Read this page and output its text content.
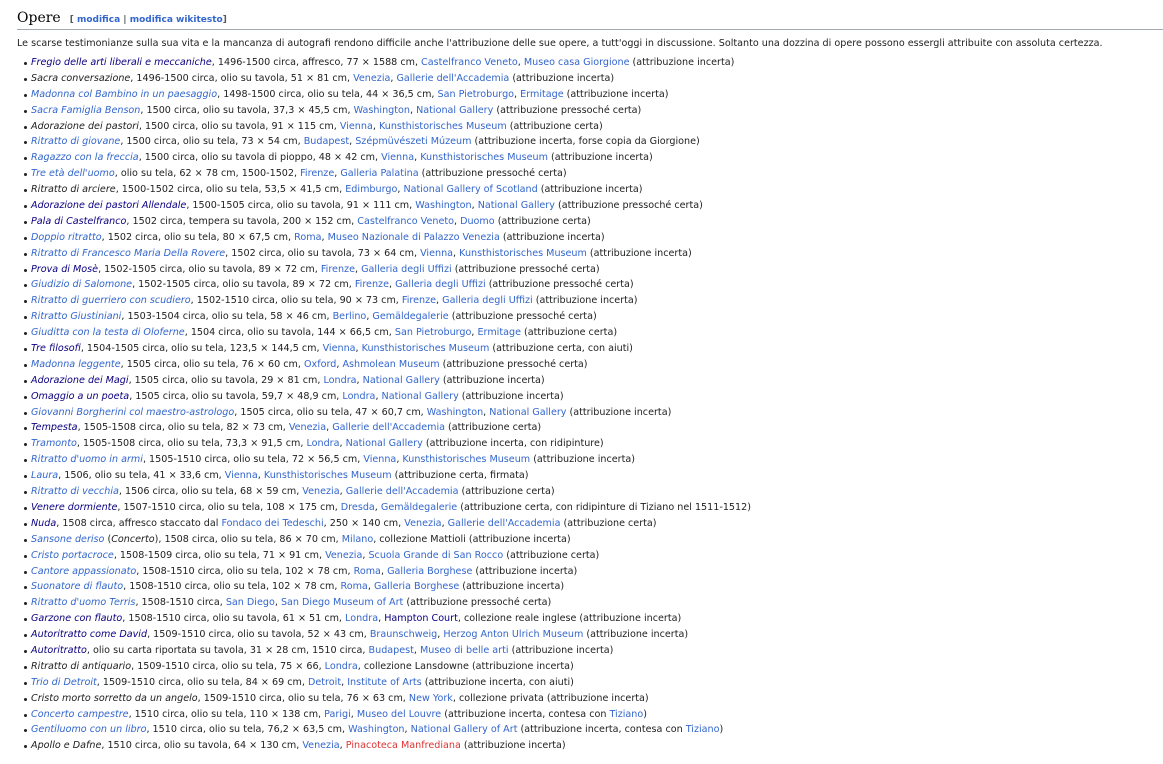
Opere [ modifica | modifica wikitesto]

Le scarse testimonianze sulla sua vita e la mancanza di autografi rendono difficile anche l'attribuzione delle sue opere, a tutt'oggi in discussione. Soltanto una dozzina di opere possono essergli attribuite con assoluta certezza.

Fregio delle arti liberali e meccaniche, 1496-1500 circa, affresco, 77 × 1588 cm, Castelfranco Veneto, Museo casa Giorgione (attribuzione incerta)
Sacra conversazione, 1496-1500 circa, olio su tavola, 51 × 81 cm, Venezia, Gallerie dell'Accademia (attribuzione incerta)
Madonna col Bambino in un paesaggio, 1498-1500 circa, olio su tela, 44 × 36,5 cm, San Pietroburgo, Ermitage (attribuzione incerta)
Sacra Famiglia Benson, 1500 circa, olio su tavola, 37,3 × 45,5 cm, Washington, National Gallery (attribuzione pressoché certa)
Adorazione dei pastori, 1500 circa, olio su tavola, 91 × 115 cm, Vienna, Kunsthistorisches Museum (attribuzione certa)
Ritratto di giovane, 1500 circa, olio su tela, 73 × 54 cm, Budapest, Szépmüvészeti Múzeum (attribuzione incerta, forse copia da Giorgione)
Ragazzo con la freccia, 1500 circa, olio su tavola di pioppo, 48 × 42 cm, Vienna, Kunsthistorisches Museum (attribuzione incerta)
Tre età dell'uomo, olio su tela, 62 × 78 cm, 1500-1502, Firenze, Galleria Palatina (attribuzione pressoché certa)
Ritratto di arciere, 1500-1502 circa, olio su tela, 53,5 × 41,5 cm, Edimburgo, National Gallery of Scotland (attribuzione incerta)
Adorazione dei pastori Allendale, 1500-1505 circa, olio su tavola, 91 × 111 cm, Washington, National Gallery (attribuzione pressoché certa)
Pala di Castelfranco, 1502 circa, tempera su tavola, 200 × 152 cm, Castelfranco Veneto, Duomo (attribuzione certa)
Doppio ritratto, 1502 circa, olio su tela, 80 × 67,5 cm, Roma, Museo Nazionale di Palazzo Venezia (attribuzione incerta)
Ritratto di Francesco Maria Della Rovere, 1502 circa, olio su tavola, 73 × 64 cm, Vienna, Kunsthistorisches Museum (attribuzione incerta)
Prova di Mosè, 1502-1505 circa, olio su tavola, 89 × 72 cm, Firenze, Galleria degli Uffizi (attribuzione pressoché certa)
Giudizio di Salomone, 1502-1505 circa, olio su tavola, 89 × 72 cm, Firenze, Galleria degli Uffizi (attribuzione pressoché certa)
Ritratto di guerriero con scudiero, 1502-1510 circa, olio su tela, 90 × 73 cm, Firenze, Galleria degli Uffizi (attribuzione incerta)
Ritratto Giustiniani, 1503-1504 circa, olio su tela, 58 × 46 cm, Berlino, Gemäldegalerie (attribuzione pressoché certa)
Giuditta con la testa di Oloferne, 1504 circa, olio su tavola, 144 × 66,5 cm, San Pietroburgo, Ermitage (attribuzione certa)
Tre filosofi, 1504-1505 circa, olio su tela, 123,5 × 144,5 cm, Vienna, Kunsthistorisches Museum (attribuzione certa, con aiuti)
Madonna leggente, 1505 circa, olio su tela, 76 × 60 cm, Oxford, Ashmolean Museum (attribuzione pressoché certa)
Adorazione dei Magi, 1505 circa, olio su tavola, 29 × 81 cm, Londra, National Gallery (attribuzione incerta)
Omaggio a un poeta, 1505 circa, olio su tavola, 59,7 × 48,9 cm, Londra, National Gallery (attribuzione incerta)
Giovanni Borgherini col maestro-astrologo, 1505 circa, olio su tela, 47 × 60,7 cm, Washington, National Gallery (attribuzione incerta)
Tempesta, 1505-1508 circa, olio su tela, 82 × 73 cm, Venezia, Gallerie dell'Accademia (attribuzione certa)
Tramonto, 1505-1508 circa, olio su tela, 73,3 × 91,5 cm, Londra, National Gallery (attribuzione incerta, con ridipinture)
Ritratto d'uomo in armi, 1505-1510 circa, olio su tela, 72 × 56,5 cm, Vienna, Kunsthistorisches Museum (attribuzione incerta)
Laura, 1506, olio su tela, 41 × 33,6 cm, Vienna, Kunsthistorisches Museum (attribuzione certa, firmata)
Ritratto di vecchia, 1506 circa, olio su tela, 68 × 59 cm, Venezia, Gallerie dell'Accademia (attribuzione certa)
Venere dormiente, 1507-1510 circa, olio su tela, 108 × 175 cm, Dresda, Gemäldegalerie (attribuzione certa, con ridipinture di Tiziano nel 1511-1512)
Nuda, 1508 circa, affresco staccato dal Fondaco dei Tedeschi, 250 × 140 cm, Venezia, Gallerie dell'Accademia (attribuzione certa)
Sansone deriso (Concerto), 1508 circa, olio su tela, 86 × 70 cm, Milano, collezione Mattioli (attribuzione incerta)
Cristo portacroce, 1508-1509 circa, olio su tela, 71 × 91 cm, Venezia, Scuola Grande di San Rocco (attribuzione certa)
Cantore appassionato, 1508-1510 circa, olio su tela, 102 × 78 cm, Roma, Galleria Borghese (attribuzione incerta)
Suonatore di flauto, 1508-1510 circa, olio su tela, 102 × 78 cm, Roma, Galleria Borghese (attribuzione incerta)
Ritratto d'uomo Terris, 1508-1510 circa, San Diego, San Diego Museum of Art (attribuzione pressoché certa)
Garzone con flauto, 1508-1510 circa, olio su tavola, 61 × 51 cm, Londra, Hampton Court, collezione reale inglese (attribuzione incerta)
Autoritratto come David, 1509-1510 circa, olio su tavola, 52 × 43 cm, Braunschweig, Herzog Anton Ulrich Museum (attribuzione incerta)
Autoritratto, olio su carta riportata su tavola, 31 × 28 cm, 1510 circa, Budapest, Museo di belle arti (attribuzione incerta)
Ritratto di antiquario, 1509-1510 circa, olio su tela, 75 × 66, Londra, collezione Lansdowne (attribuzione incerta)
Trio di Detroit, 1509-1510 circa, olio su tela, 84 × 69 cm, Detroit, Institute of Arts (attribuzione incerta, con aiuti)
Cristo morto sorretto da un angelo, 1509-1510 circa, olio su tela, 76 × 63 cm, New York, collezione privata (attribuzione incerta)
Concerto campestre, 1510 circa, olio su tela, 110 × 138 cm, Parigi, Museo del Louvre (attribuzione incerta, contesa con Tiziano)
Gentiluomo con un libro, 1510 circa, olio su tela, 76,2 × 63,5 cm, Washington, National Gallery of Art (attribuzione incerta, contesa con Tiziano)
Apollo e Dafne, 1510 circa, olio su tavola, 64 × 130 cm, Venezia, Pinacoteca Manfrediana (attribuzione incerta)
